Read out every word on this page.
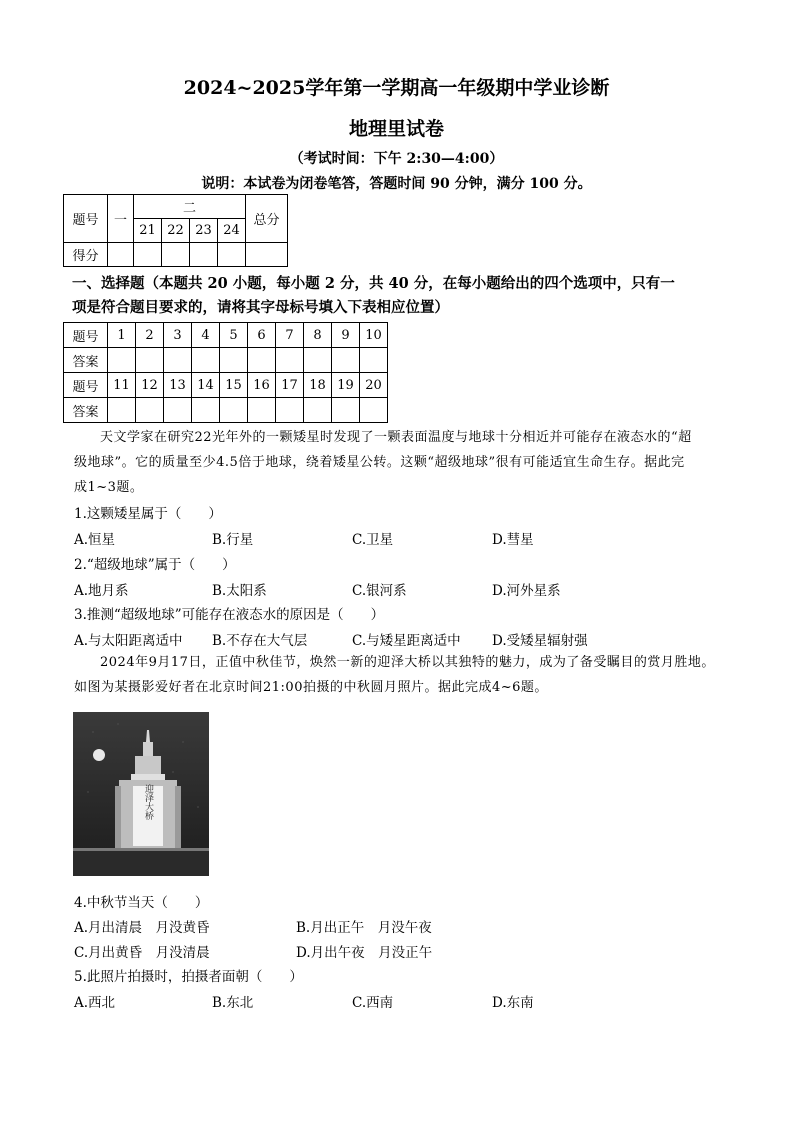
2024~2025学年第一学期高一年级期中学业诊断
地理里试卷
（考试时间：下午 2:30—4:00）
说明：本试卷为闭卷笔答，答题时间 90 分钟，满分 100 分。
题号	一	二				总分
		21	22	23	24	
得分						
一、选择题（本题共 20 小题，每小题 2 分，共 40 分，在每小题给出的四个选项中，只有一
项是符合题目要求的，请将其字母标号填入下表相应位置）
题号	1	2	3	4	5	6	7	8	9	10
答案										
题号	11	12	13	14	15	16	17	18	19	20
答案										
天文学家在研究22光年外的一颗矮星时发现了一颗表面温度与地球十分相近并可能存在液态水的“超
级地球”。它的质量至少4.5倍于地球，绕着矮星公转。这颗“超级地球”很有可能适宜生命生存。据此完
成1~3题。
1.这颗矮星属于（　　）
A.恒星	B.行星	C.卫星	D.彗星
2.“超级地球”属于（　　）
A.地月系	B.太阳系	C.银河系	D.河外星系
3.推测“超级地球”可能存在液态水的原因是（　　）
A.与太阳距离适中 B.不存在大气层	C.与矮星距离适中 D.受矮星辐射强
2024年9月17日，正值中秋佳节，焕然一新的迎泽大桥以其独特的魅力，成为了备受瞩目的赏月胜地。
如图为某摄影爱好者在北京时间21:00拍摄的中秋圆月照片。据此完成4~6题。
迎泽大桥
4.中秋节当天（　　）
A.月出清晨　月没黄昏	B.月出正午　月没午夜
C.月出黄昏　月没清晨	D.月出午夜　月没正午
5.此照片拍摄时，拍摄者面朝（　　）
A.西北	B.东北	C.西南	D.东南
